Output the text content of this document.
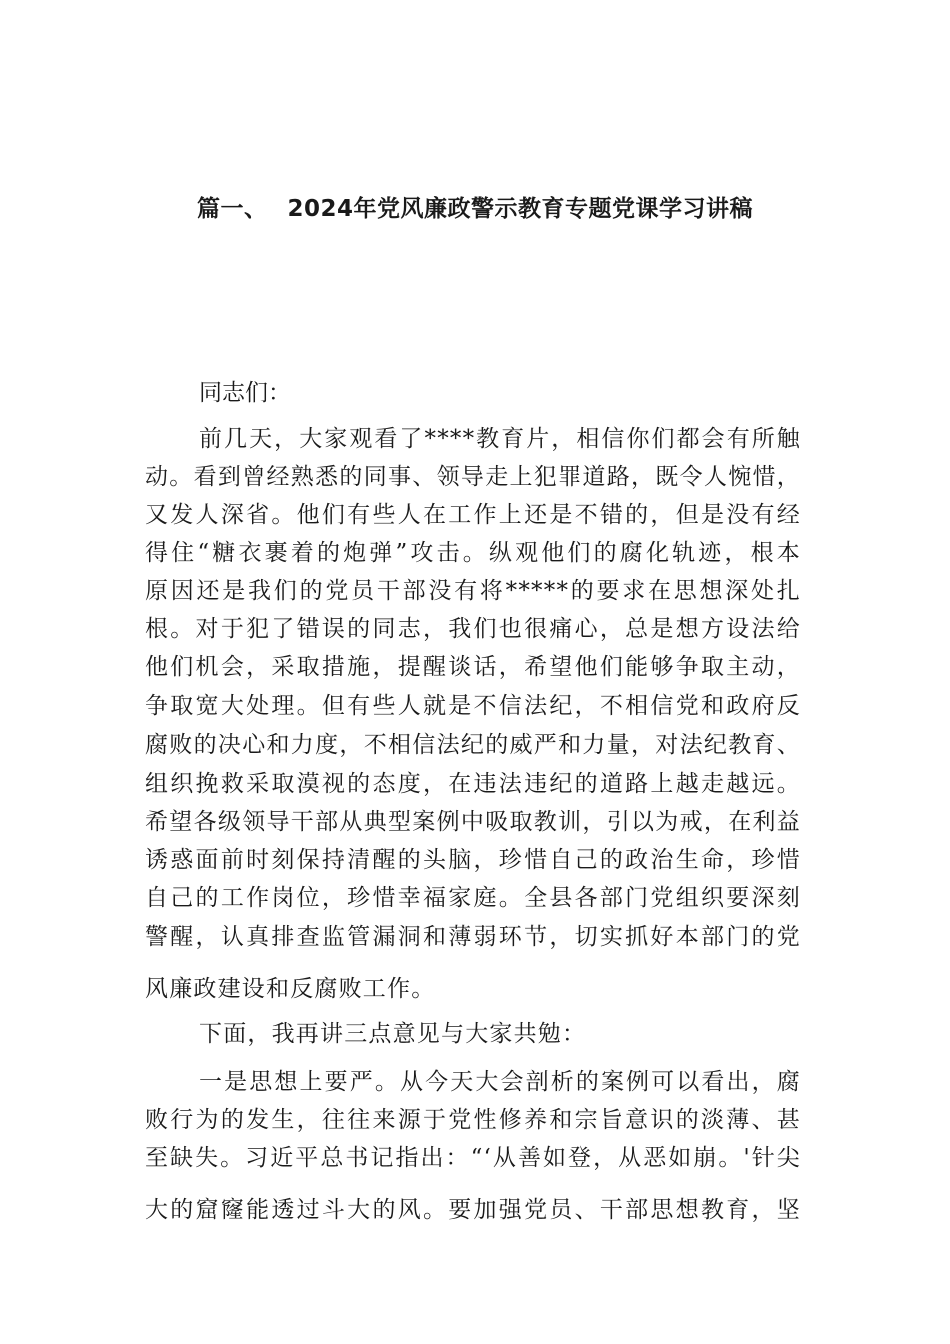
篇一、 2024年党风廉政警示教育专题党课学习讲稿
同志们：
前几天，大家观看了****教育片，相信你们都会有所触
动。看到曾经熟悉的同事、领导走上犯罪道路，既令人惋惜，
又发人深省。他们有些人在工作上还是不错的，但是没有经
得住“糖衣裹着的炮弹”攻击。纵观他们的腐化轨迹，根本
原因还是我们的党员干部没有将*****的要求在思想深处扎
根。对于犯了错误的同志，我们也很痛心，总是想方设法给
他们机会，采取措施，提醒谈话，希望他们能够争取主动，
争取宽大处理。但有些人就是不信法纪，不相信党和政府反
腐败的决心和力度，不相信法纪的威严和力量，对法纪教育、
组织挽救采取漠视的态度，在违法违纪的道路上越走越远。
希望各级领导干部从典型案例中吸取教训，引以为戒，在利益
诱惑面前时刻保持清醒的头脑，珍惜自己的政治生命，珍惜
自己的工作岗位，珍惜幸福家庭。全县各部门党组织要深刻
警醒，认真排查监管漏洞和薄弱环节，切实抓好本部门的党
风廉政建设和反腐败工作。
下面，我再讲三点意见与大家共勉：
一是思想上要严。从今天大会剖析的案例可以看出，腐
败行为的发生，往往来源于党性修养和宗旨意识的淡薄、甚
至缺失。习近平总书记指出：“‘从善如登，从恶如崩。'针尖
大的窟窿能透过斗大的风。要加强党员、干部思想教育，坚
